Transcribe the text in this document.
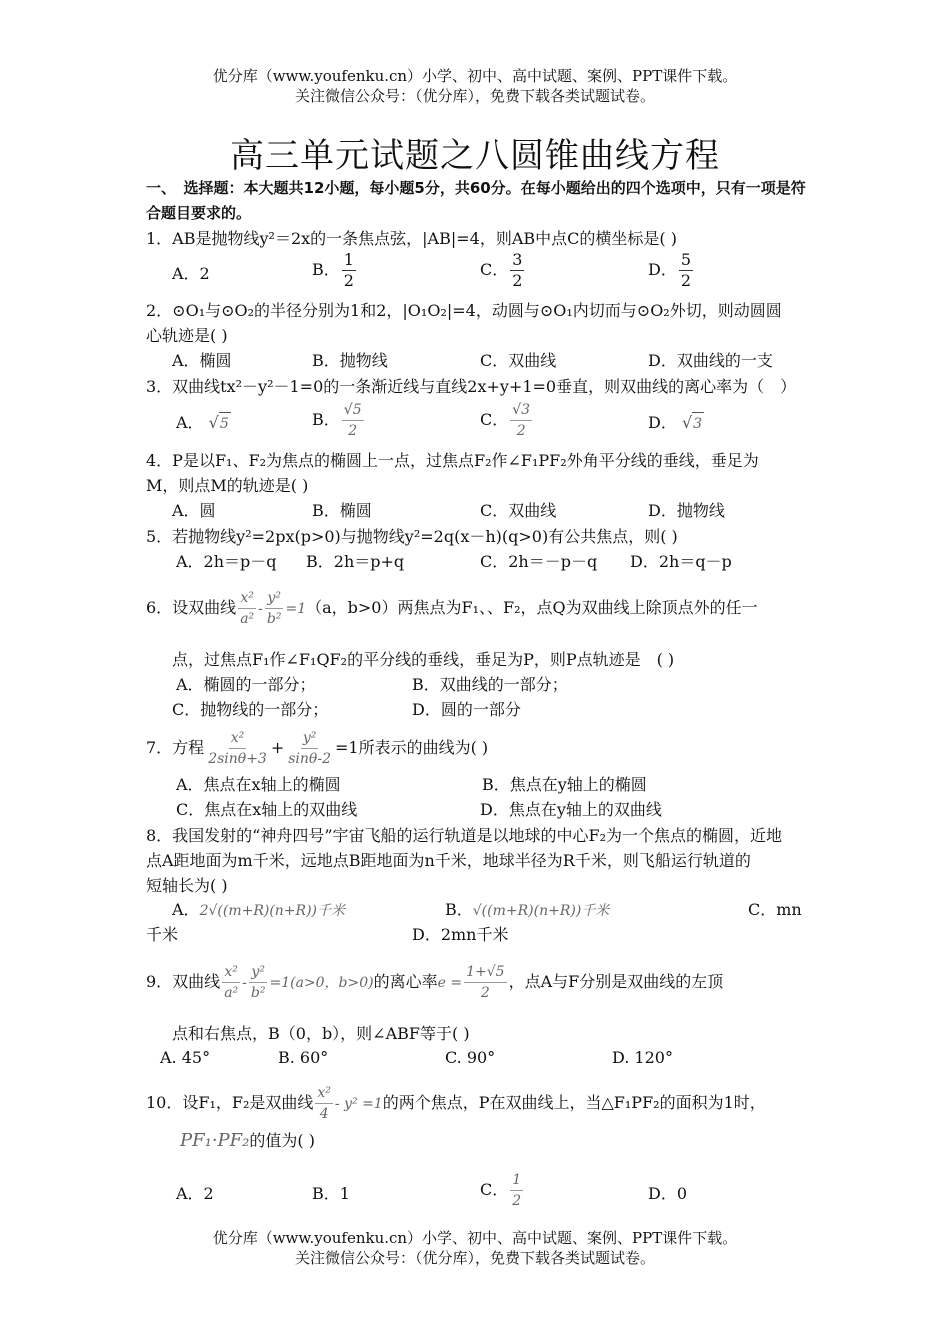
优分库（www.youfenku.cn）小学、初中、高中试题、案例、PPT课件下载。
关注微信公众号：（优分库），免费下载各类试题试卷。
高三单元试题之八圆锥曲线方程
一、　选择题：本大题共12小题，每小题5分，共60分。在每小题给出的四个选项中，只有一项是符合题目要求的。
1．AB是抛物线y²＝2x的一条焦点弦，|AB|=4，则AB中点C的横坐标是( )
A．2	B． $\frac{1}{2}$	C． $\frac{3}{2}$	D． $\frac{5}{2}$
2．⊙O₁与⊙O₂的半径分别为1和2，|O₁O₂|=4，动圆与⊙O₁内切而与⊙O₂外切，则动圆圆
心轨迹是( )
A．椭圆	B．抛物线	C．双曲线	D．双曲线的一支
3．双曲线tx²－y²－1=0的一条渐近线与直线2x+y+1=0垂直，则双曲线的离心率为（　）
A． √5	B． $\frac{√5}{2}$	C． $\frac{√3}{2}$	D． √3
4．P是以F₁、F₂为焦点的椭圆上一点，过焦点F₂作∠F₁PF₂外角平分线的垂线，垂足为
M，则点M的轨迹是( )
A．圆	B．椭圆	C．双曲线	D．抛物线
5．若抛物线y²=2px(p>0)与抛物线y²=2q(x－h)(q>0)有公共焦点，则( )
A．2h＝p－q B．2h＝p+q	C．2h＝－p－q D．2h＝q－p
6．设双曲线 $\frac{\text{x²}}{\text{a²}} - \frac{\text{y²}}{\text{b²}} =1(a$，b>0）两焦点为F₁、、F₂，点Q为双曲线上除顶点外的任一
点，过焦点F₁作∠F₁QF₂的平分线的垂线，垂足为P，则P点轨迹是　( )
A．椭圆的一部分；	B．双曲线的一部分；
C．抛物线的一部分；	D．圆的一部分
7．方程 $\frac{\text{x²}}{2\sin\theta+3} + \frac{\text{y²}}{\sin\theta-2} =1$所表示的曲线为( )
A．焦点在x轴上的椭圆	B．焦点在y轴上的椭圆
C．焦点在x轴上的双曲线	D．焦点在y轴上的双曲线
8．我国发射的“神舟四号”宇宙飞船的运行轨道是以地球的中心F₂为一个焦点的椭圆，近地
点A距地面为m千米，远地点B距地面为n千米，地球半径为R千米，则飞船运行轨道的
短轴长为( )
A．2√((m+R)(n+R))千米	B．√((m+R)(n+R))千米	C．mn
千米	D．2mn千米
9．双曲线 $\frac{\text{x²}}{\text{a²}} - \frac{\text{y²}}{\text{b²}} =1(a>0$，b>0)的离心率$e = \frac{1+√5}{2}$ ，点A与F分别是双曲线的左顶
点和右焦点，B（0，b），则∠ABF等于( )
A. 45°	B. 60°	C. 90°	D. 120°
10．设F₁，F₂是双曲线 $\frac{\text{x²}}{4} - y^2 =1$的两个焦点，P在双曲线上，当△F₁PF₂的面积为1时，
PF₁·PF₂的值为( )
A．2	B．1	C． $\frac{1}{2}$	D．0
优分库（www.youfenku.cn）小学、初中、高中试题、案例、PPT课件下载。
关注微信公众号：（优分库），免费下载各类试题试卷。
